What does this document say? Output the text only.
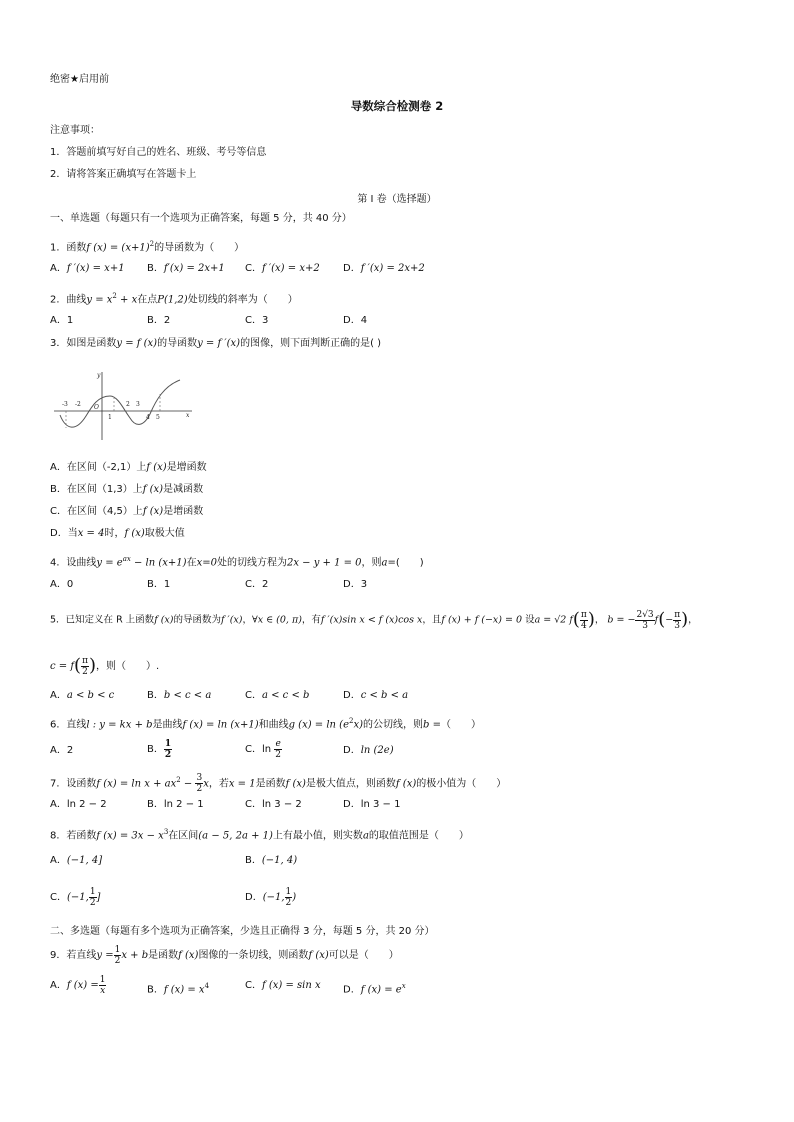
绝密★启用前
导数综合检测卷 2
注意事项：
1．答题前填写好自己的姓名、班级、考号等信息
2．请将答案正确填写在答题卡上
第 I 卷（选择题）
一、单选题（每题只有一个选项为正确答案，每题 5 分，共 40 分）
1．函数f $(x) = (x+1)^2$的导函数为（　　）
A．f ′(x) = x+1 B．f′(x) = 2x+1 C．f ′(x) = x+2 D．f ′(x) = 2x+2
2．曲线$y = x^2 + x$在点P(1,2)处切线的斜率为（　　）
A．1	B．2	C．3	D．4
3．如图是函数y = f (x)的导函数y = f ′(x)的图像，则下面判断正确的是( )
-3 -2 O
1
2 3
4 5	x
y
A．在区间（-2,1）上f (x)是增函数
B．在区间（1,3）上f (x)是减函数
C．在区间（4,5）上f (x)是增函数
D．当x = 4时，f (x)取极大值
4．设曲线$y = e^{ax} - \ln (x+1)$在x=0处的切线方程为2x − y + 1 = 0，则a=(　　)
A．0	B．1	C．2	D．3
5．已知定义在 R 上函数f (x)的导函数为f ′(x)，∀x ∈ (0, π)，有f ′(x)sin x < f (x)cos x，且f (x) + f (−x) = 0 设a = √2 $f( \frac{\pi}{4}$ )， b = − $\frac{2√3}{3} f(- \frac{\pi}{3}$ )，
$c = f( \frac{\pi}{2}$ )，则（　　）.
A．a < b < c	B．b < c < a	C．a < c < b	D．c < b < a
6．直线l : y = kx + b是曲线f (x) = ln (x+1)和曲线g $(x) = \ln (e^2x)$的公切线，则b =（　　）
A．2	B． $\frac{1}{2}$	C．$\ln \frac{e}{2}$	D．ln (2e)
7．设函数f $(x) = \ln x + ax^2 - \frac{3}{2}$ x，若x = 1是函数f (x)是极大值点，则函数f (x)的极小值为（　　）
A．ln 2 − 2	B．ln 2 − 1	C．ln 3 − 2	D．ln 3 − 1
8．若函数f $(x) = 3x - x^3$在区间(a − 5, 2a + 1)上有最小值，则实数a的取值范围是（　　）
A．(−1, 4]	B．(−1, 4)
C．(−1, $\frac{1}{2}$ ]	D．(−1, $\frac{1}{2}$ )
二、多选题（每题有多个选项为正确答案，少选且正确得 3 分，每题 5 分，共 20 分）
9．若直线$y = \frac{1}{2}$ x + b是函数f (x)图像的一条切线，则函数f (x)可以是（　　）
A．f $(x) = \frac{1}{x}$	B．f $(x) = x^4$	C．f (x) = sin x D．f $(x) = e^x$
